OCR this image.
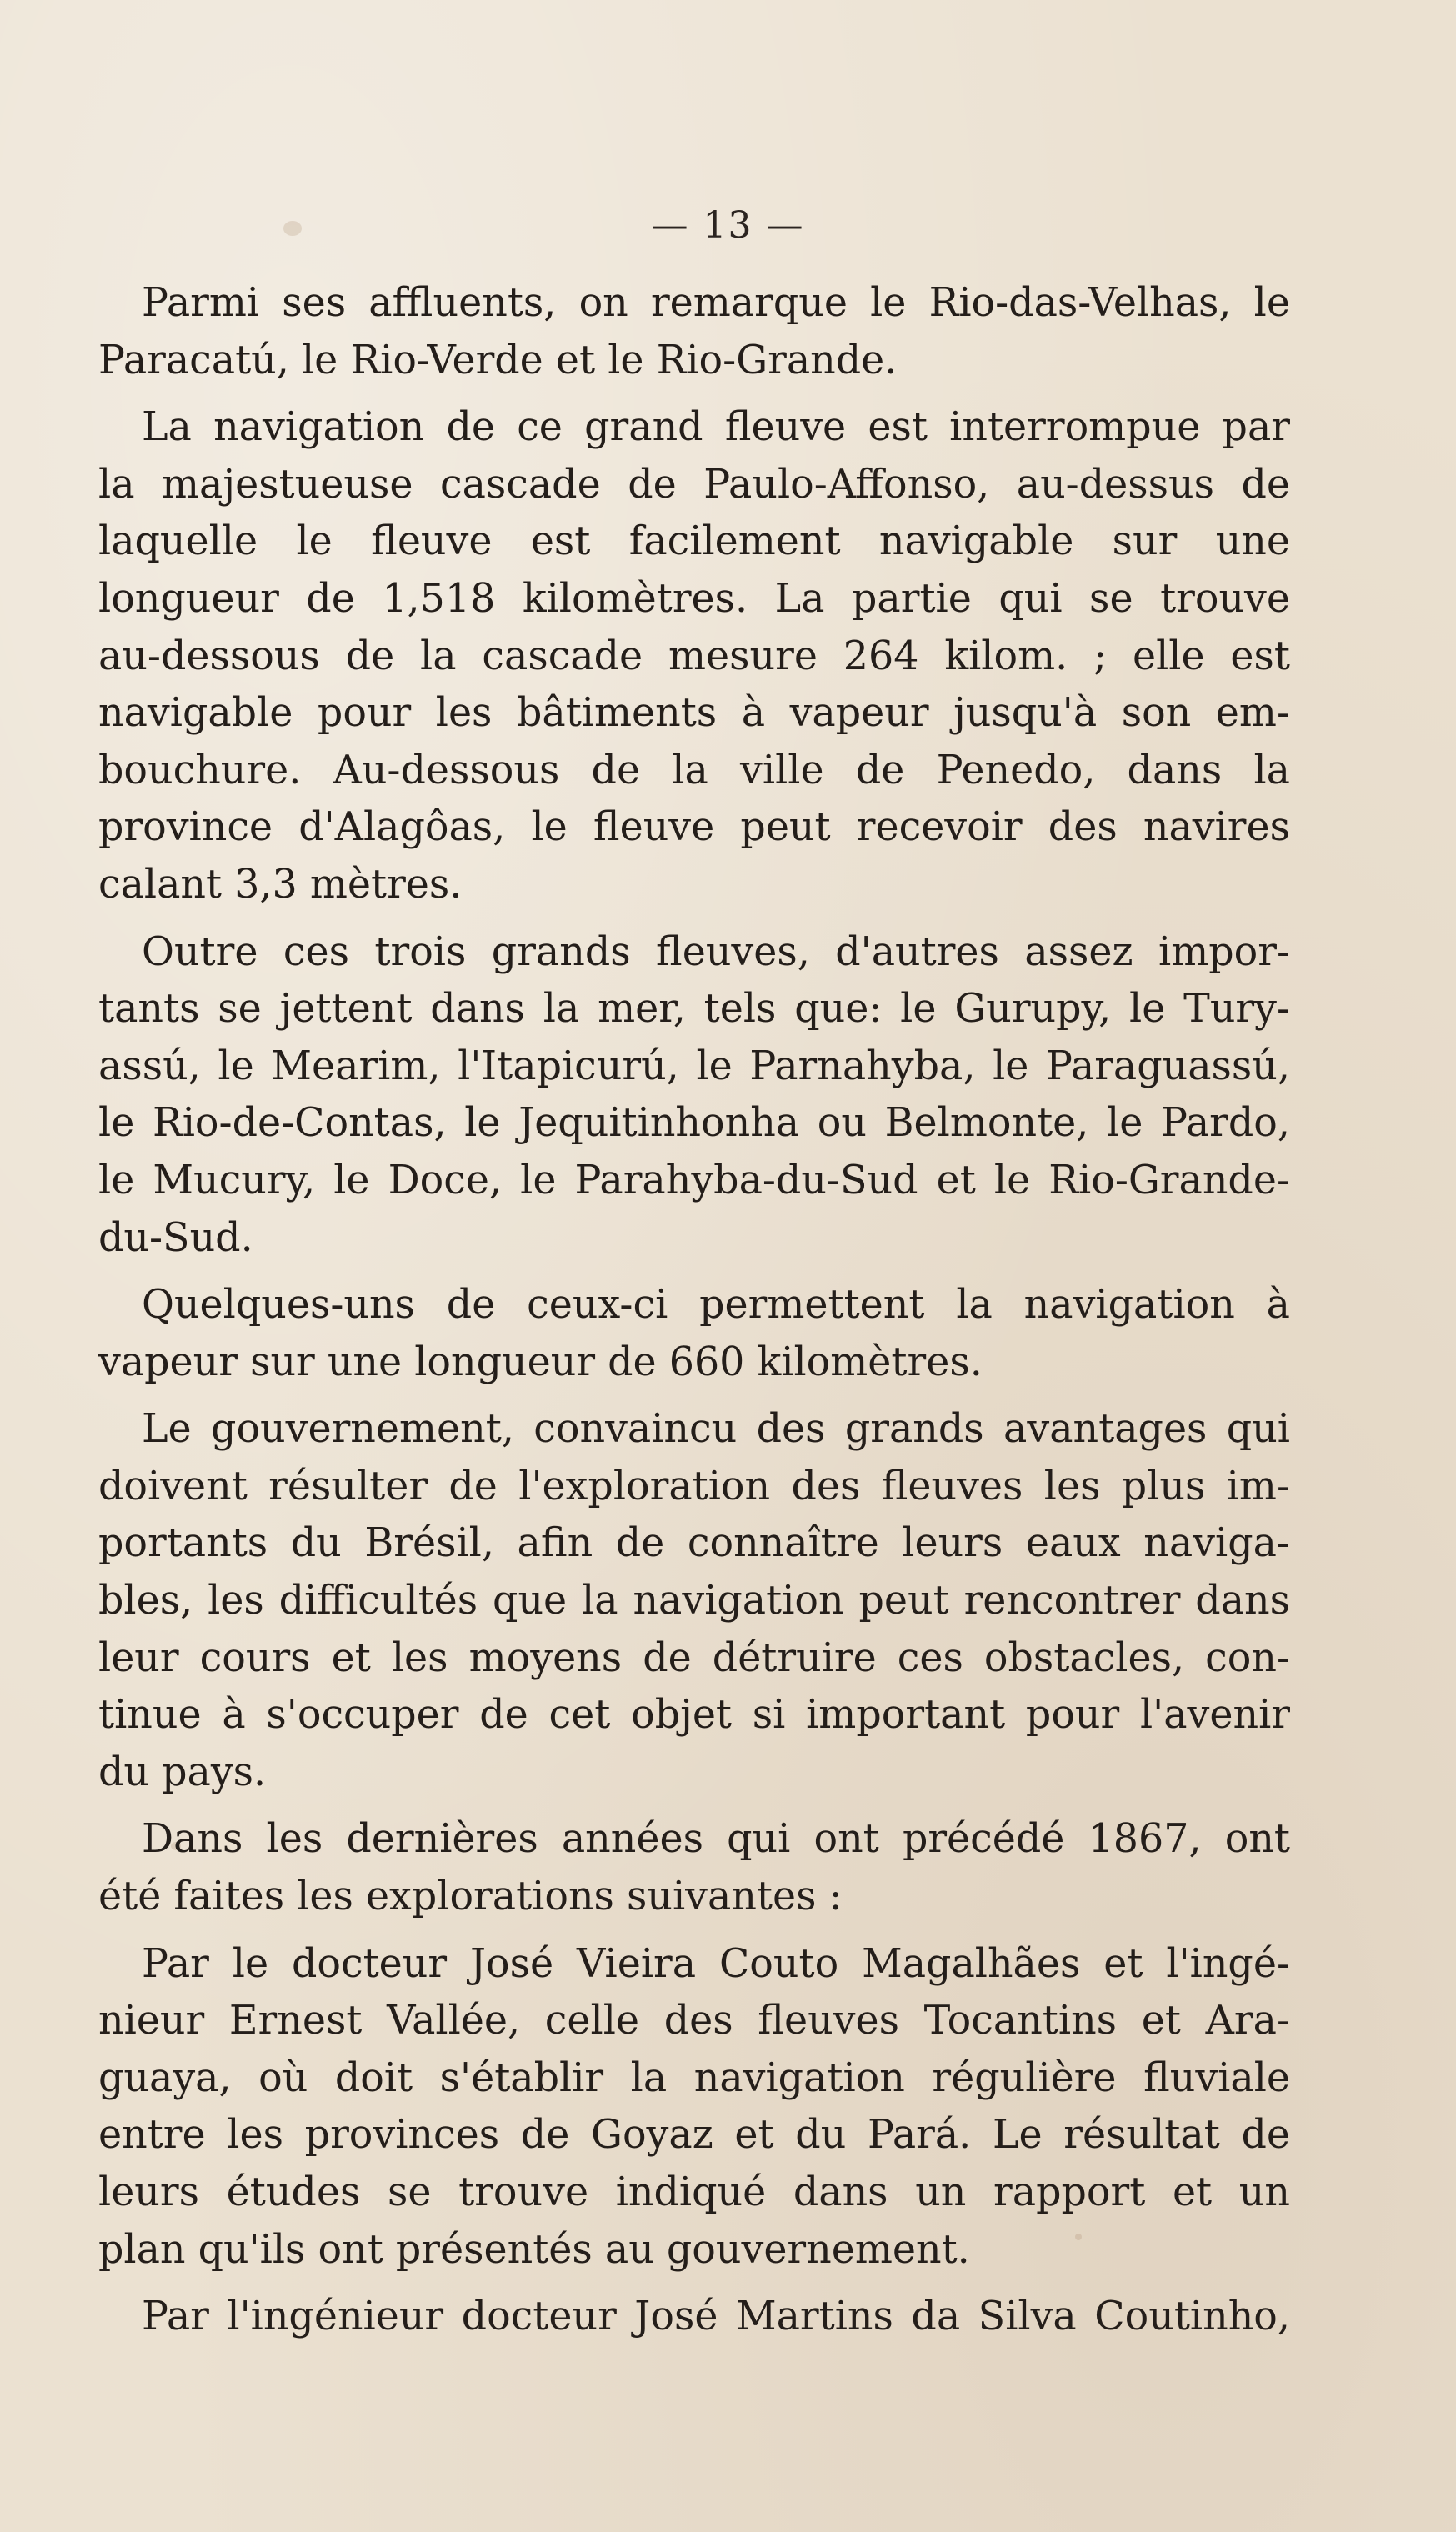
— 13 —
Parmi ses affluents, on remarque le Rio-das-Velhas, le
Paracatú, le Rio-Verde et le Rio-Grande.
La navigation de ce grand fleuve est interrompue par
la majestueuse cascade de Paulo-Affonso, au-dessus de
laquelle le fleuve est facilement navigable sur une
longueur de 1,518 kilomètres. La partie qui se trouve
au-dessous de la cascade mesure 264 kilom. ; elle est
navigable pour les bâtiments à vapeur jusqu'à son em-
bouchure. Au-dessous de la ville de Penedo, dans la
province d'Alagôas, le fleuve peut recevoir des navires
calant 3,3 mètres.
Outre ces trois grands fleuves, d'autres assez impor-
tants se jettent dans la mer, tels que: le Gurupy, le Tury-
assú, le Mearim, l'Itapicurú, le Parnahyba, le Paraguassú,
le Rio-de-Contas, le Jequitinhonha ou Belmonte, le Pardo,
le Mucury, le Doce, le Parahyba-du-Sud et le Rio-Grande-
du-Sud.
Quelques-uns de ceux-ci permettent la navigation à
vapeur sur une longueur de 660 kilomètres.
Le gouvernement, convaincu des grands avantages qui
doivent résulter de l'exploration des fleuves les plus im-
portants du Brésil, afin de connaître leurs eaux naviga-
bles, les difficultés que la navigation peut rencontrer dans
leur cours et les moyens de détruire ces obstacles, con-
tinue à s'occuper de cet objet si important pour l'avenir
du pays.
Dans les dernières années qui ont précédé 1867, ont
été faites les explorations suivantes :
Par le docteur José Vieira Couto Magalhães et l'ingé-
nieur Ernest Vallée, celle des fleuves Tocantins et Ara-
guaya, où doit s'établir la navigation régulière fluviale
entre les provinces de Goyaz et du Pará. Le résultat de
leurs études se trouve indiqué dans un rapport et un
plan qu'ils ont présentés au gouvernement.
Par l'ingénieur docteur José Martins da Silva Coutinho,
